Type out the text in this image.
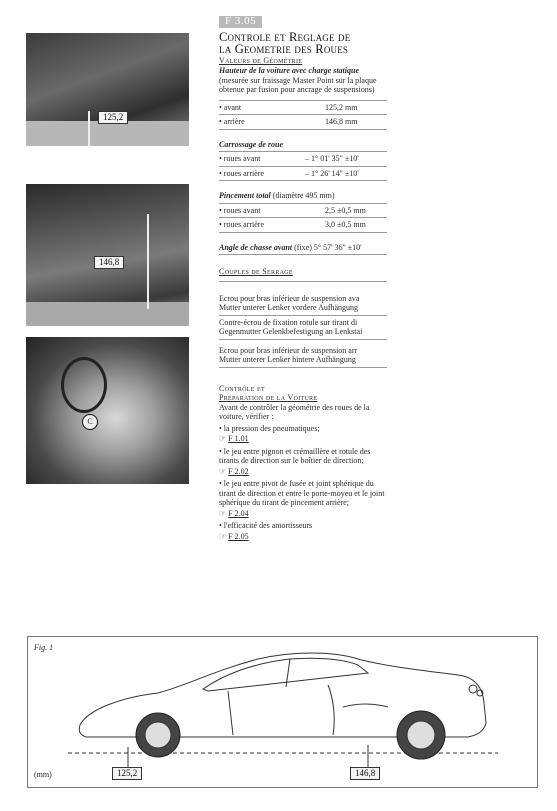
125,2
146,8
C
F 3.05
Controle et Reglage de
la Geometrie des Roues
Valeurs de Géométrie
Hauteur de la voiture avec charge statique
(mesurée sur fraissage Master Point sur la plaque obtenue par fusion pour ancrage de suspensions)
• avant	125,2 mm
• arrière	146,8 mm
Carrossage de roue
• roues avant	– 1° 01' 35" ±10'
• roues arrière	– 1° 26' 14" ±10'
Pincement total (diamètre 495 mm)
• roues avant	2,5 ±0,5 mm
• roues arrière	3,0 ±0,5 mm
Angle de chasse avant (fixe) 5° 57' 36" ±10'
Couples de Serrage
Ecrou pour bras inférieur de suspension ava
Mutter unterer Lenker vordere Aufhängung
Contre-écrou de fixation rotule sur tirant di
Gegenmutter Gelenkbefestigung an Lenkstai
Ecrou pour bras inférieur de suspension arr
Mutter unterer Lenker hintere Aufhängung
Contrôle et
Préparation de la Voiture
Avant de contrôler la géométrie des roues de la voiture, vérifier :
• la pression des pneumatiques;
☞ F 1.01
• le jeu entre pignon et crémaillère et rotule des tirants de direction sur le boîtier de direction;
☞ F 2.02
• le jeu entre pivot de fusée et joint sphérique du tirant de direction et entre le porte-moyeu et le joint sphérique du tirant de pincement arrière;
☞ F 2.04
• l'efficacité des amortisseurs
☞ F 2.05
Fig. 1
(mm)	125,2	146,8
